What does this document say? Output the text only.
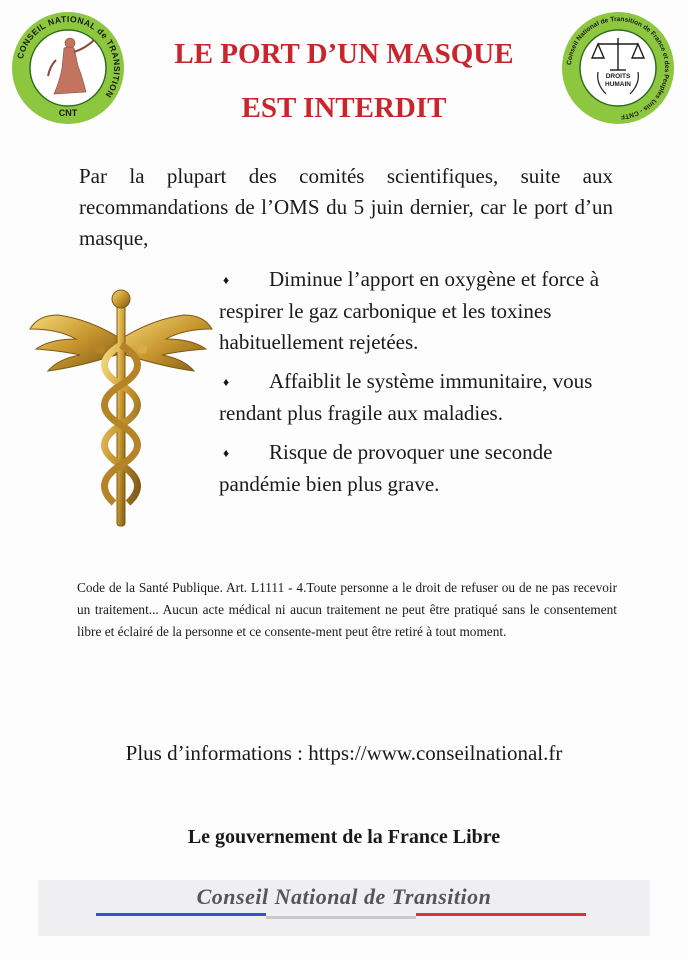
CONSEIL NATIONAL de TRANSITION
CNT
Conseil National de Transition de France et des Peuples Unis - CNTF
DROITS
HUMAIN
LE PORT D’UN MASQUE
EST INTERDIT
Par la plupart des comités scientifiques, suite aux recommandations de l’OMS du 5 juin dernier, car le port d’un masque,
♦ Diminue l’apport en oxygène et force à respirer le gaz carbonique et les toxines habituellement rejetées.
♦ Affaiblit le système immunitaire, vous rendant plus fragile aux maladies.
♦ Risque de provoquer une seconde pandémie bien plus grave.
Code de la Santé Publique. Art. L1111 - 4.Toute personne a le droit de refuser ou de ne pas recevoir un traitement... Aucun acte médical ni aucun traitement ne peut être pratiqué sans le consentement libre et éclairé de la personne et ce consente-ment peut être retiré à tout moment.
Plus d’informations : https://www.conseilnational.fr
Le gouvernement de la France Libre
Conseil National de Transition
